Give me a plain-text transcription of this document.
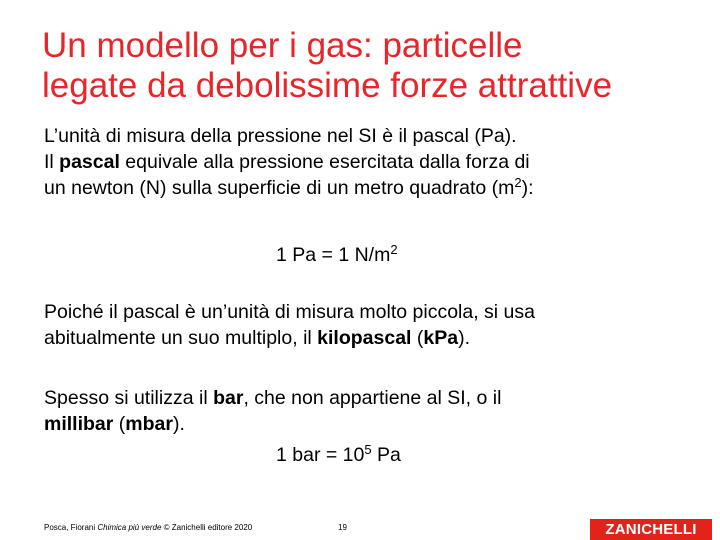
Un modello per i gas: particelle
legate da debolissime forze attrattive
L’unità di misura della pressione nel SI è il pascal (Pa).
Il pascal equivale alla pressione esercitata dalla forza di
un newton (N) sulla superficie di un metro quadrato $(m^2)$:
1 Pa = 1 $N/m^2$
Poiché il pascal è un’unità di misura molto piccola, si usa
abitualmente un suo multiplo, il kilopascal (kPa).
Spesso si utilizza il bar, che non appartiene al SI, o il
millibar (mbar).
1 bar = $10^5$ Pa
Posca, Fiorani Chimica più verde © Zanichelli editore 2020	19	ZANICHELLI
